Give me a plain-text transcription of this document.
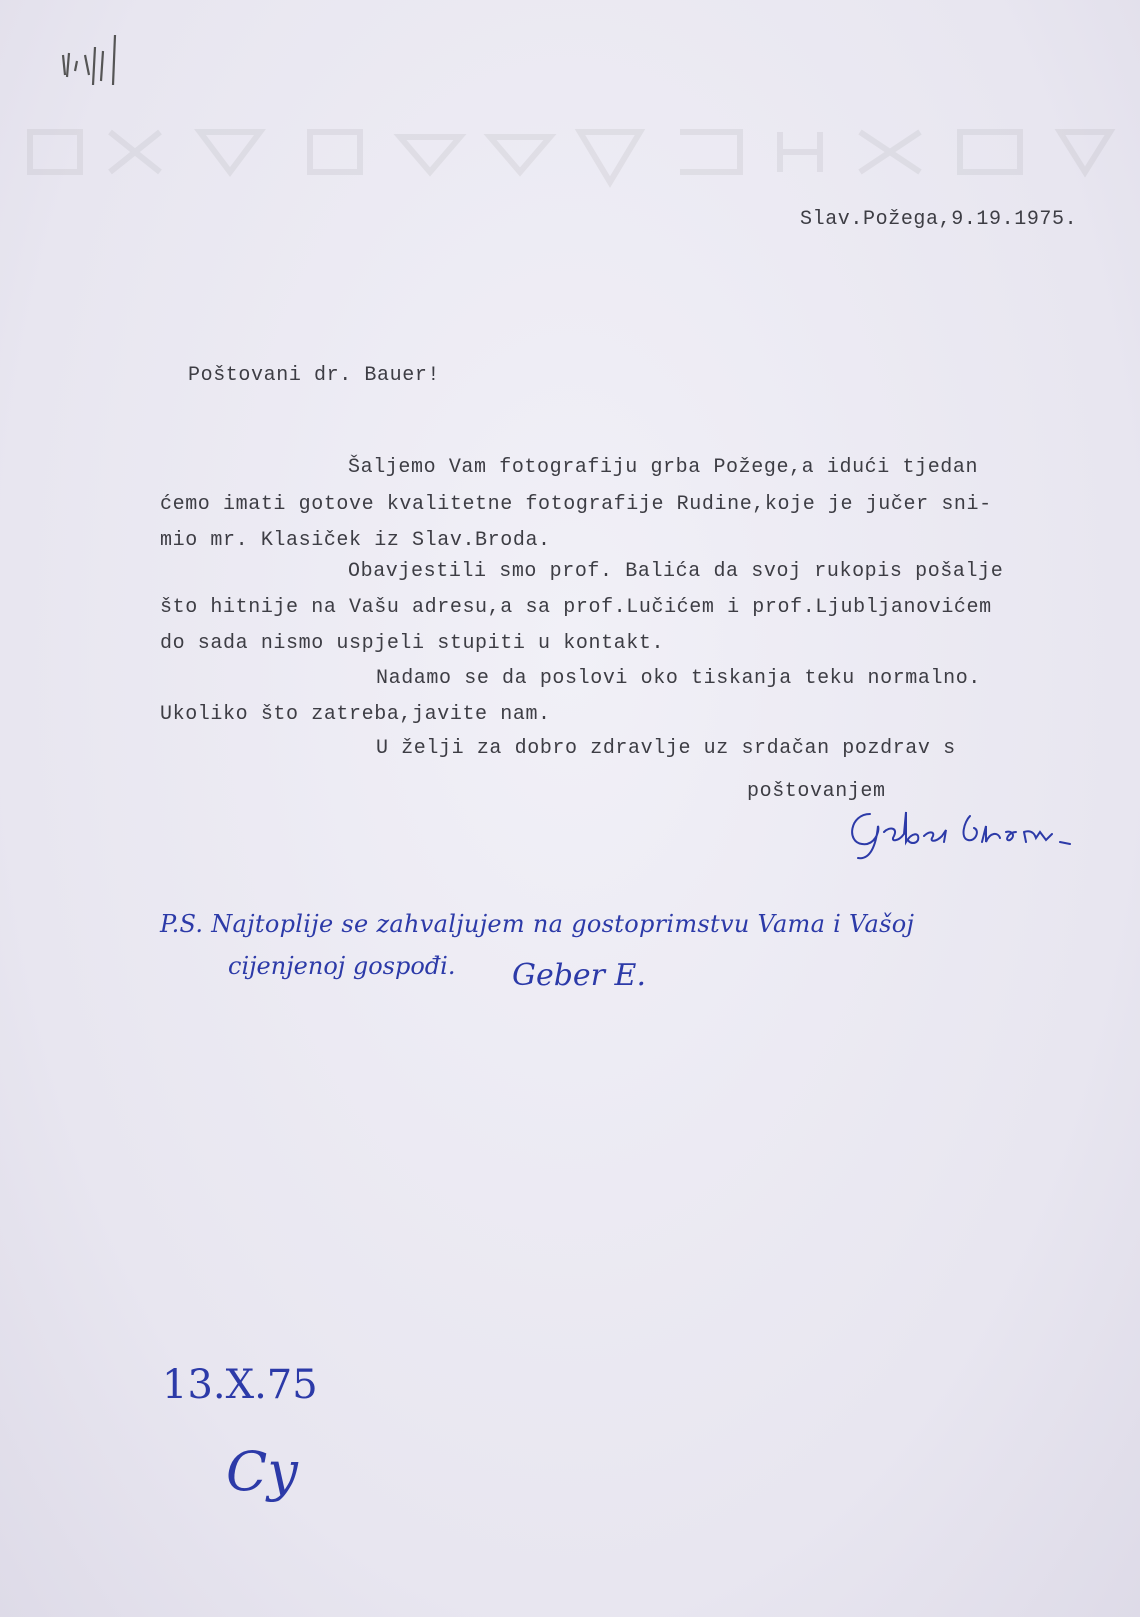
Slav.Požega,9.19.1975.
Poštovani dr. Bauer!
Šaljemo Vam fotografiju grba Požege,a idući tjedan
ćemo imati gotove kvalitetne fotografije Rudine,koje je jučer sni-
mio mr. Klasiček iz Slav.Broda.
Obavjestili smo prof. Balića da svoj rukopis pošalje
što hitnije na Vašu adresu,a sa prof.Lučićem i prof.Ljubljanovićem
do sada nismo uspjeli stupiti u kontakt.
Nadamo se da poslovi oko tiskanja teku normalno.
Ukoliko što zatreba,javite nam.
U želji za dobro zdravlje uz srdačan pozdrav s
poštovanjem
P.S. Najtoplije se zahvaljujem na gostoprimstvu Vama i Vašoj
cijenjenoj gospođi. Geber E.
13.X.75
Cy
